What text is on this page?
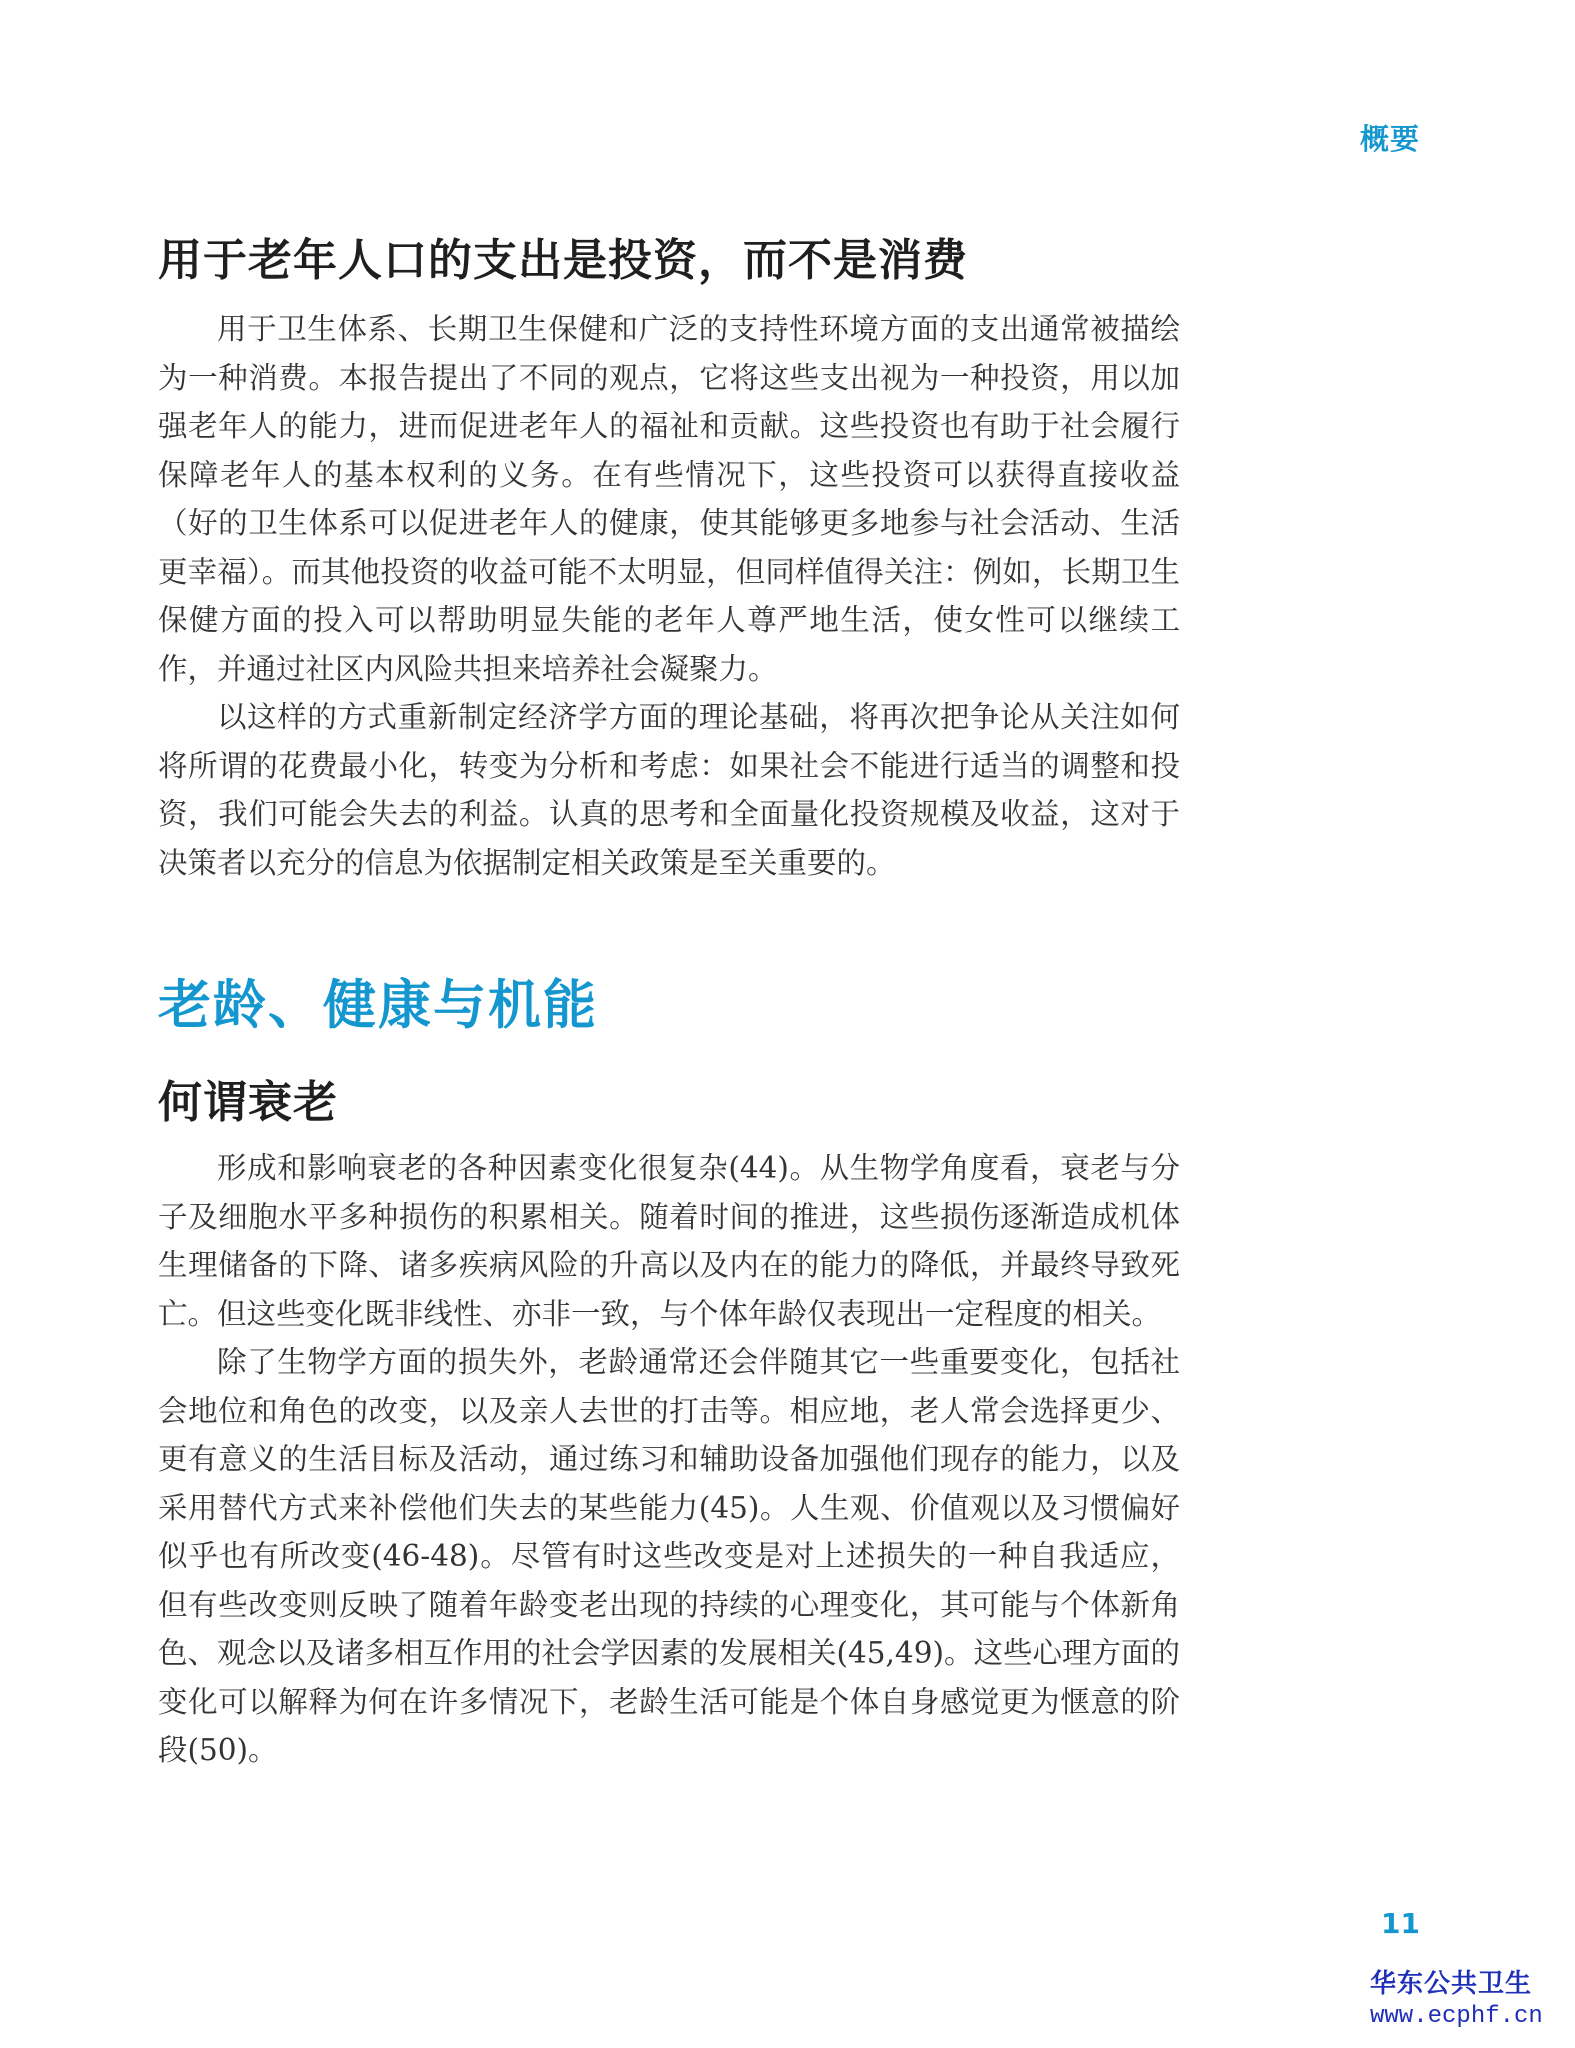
概要
用于老年人口的支出是投资，而不是消费

用于卫生体系、长期卫生保健和广泛的支持性环境方面的支出通常被描绘为一种消费。本报告提出了不同的观点，它将这些支出视为一种投资，用以加强老年人的能力，进而促进老年人的福祉和贡献。这些投资也有助于社会履行保障老年人的基本权利的义务。在有些情况下，这些投资可以获得直接收益（好的卫生体系可以促进老年人的健康，使其能够更多地参与社会活动、生活更幸福）。而其他投资的收益可能不太明显，但同样值得关注：例如，长期卫生保健方面的投入可以帮助明显失能的老年人尊严地生活，使女性可以继续工作，并通过社区内风险共担来培养社会凝聚力。

以这样的方式重新制定经济学方面的理论基础，将再次把争论从关注如何将所谓的花费最小化，转变为分析和考虑：如果社会不能进行适当的调整和投资，我们可能会失去的利益。认真的思考和全面量化投资规模及收益，这对于决策者以充分的信息为依据制定相关政策是至关重要的。

老龄、健康与机能
何谓衰老

形成和影响衰老的各种因素变化很复杂(44)。从生物学角度看，衰老与分子及细胞水平多种损伤的积累相关。随着时间的推进，这些损伤逐渐造成机体生理储备的下降、诸多疾病风险的升高以及内在的能力的降低，并最终导致死亡。但这些变化既非线性、亦非一致，与个体年龄仅表现出一定程度的相关。

除了生物学方面的损失外，老龄通常还会伴随其它一些重要变化，包括社会地位和角色的改变，以及亲人去世的打击等。相应地，老人常会选择更少、更有意义的生活目标及活动，通过练习和辅助设备加强他们现存的能力，以及采用替代方式来补偿他们失去的某些能力(45)。人生观、价值观以及习惯偏好似乎也有所改变(46-48)。尽管有时这些改变是对上述损失的一种自我适应，但有些改变则反映了随着年龄变老出现的持续的心理变化，其可能与个体新角色、观念以及诸多相互作用的社会学因素的发展相关(45,49)。这些心理方面的变化可以解释为何在许多情况下，老龄生活可能是个体自身感觉更为惬意的阶段(50)。

11
华东公共卫生
www.ecphf.cn
